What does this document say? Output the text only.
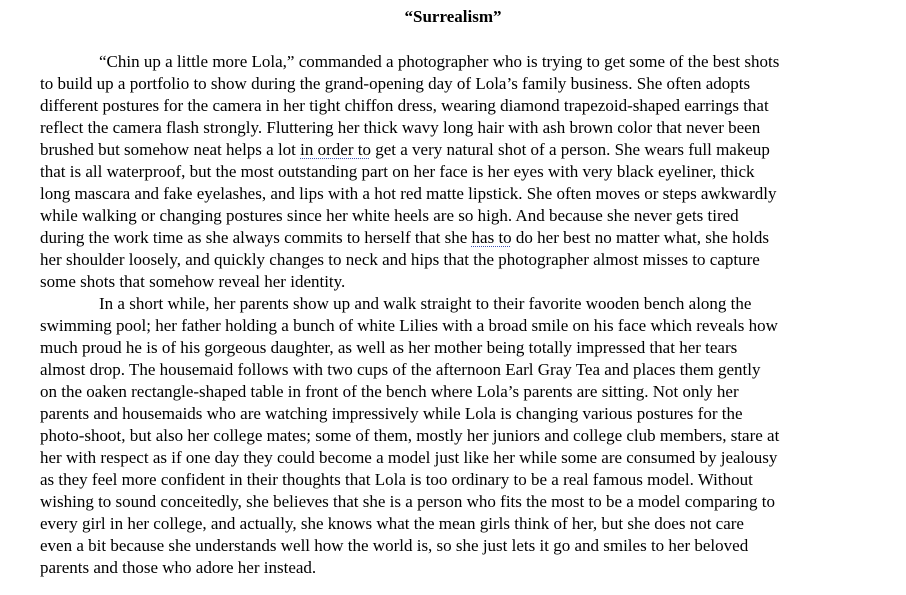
“Surrealism”

“Chin up a little more Lola,” commanded a photographer who is trying to get some of the best shots
to build up a portfolio to show during the grand-opening day of Lola’s family business. She often adopts
different postures for the camera in her tight chiffon dress, wearing diamond trapezoid-shaped earrings that
reflect the camera flash strongly. Fluttering her thick wavy long hair with ash brown color that never been
brushed but somehow neat helps a lot in order to get a very natural shot of a person. She wears full makeup
that is all waterproof, but the most outstanding part on her face is her eyes with very black eyeliner, thick
long mascara and fake eyelashes, and lips with a hot red matte lipstick. She often moves or steps awkwardly
while walking or changing postures since her white heels are so high. And because she never gets tired
during the work time as she always commits to herself that she has to do her best no matter what, she holds
her shoulder loosely, and quickly changes to neck and hips that the photographer almost misses to capture
some shots that somehow reveal her identity.

In a short while, her parents show up and walk straight to their favorite wooden bench along the
swimming pool; her father holding a bunch of white Lilies with a broad smile on his face which reveals how
much proud he is of his gorgeous daughter, as well as her mother being totally impressed that her tears
almost drop. The housemaid follows with two cups of the afternoon Earl Gray Tea and places them gently
on the oaken rectangle-shaped table in front of the bench where Lola’s parents are sitting. Not only her
parents and housemaids who are watching impressively while Lola is changing various postures for the
photo-shoot, but also her college mates; some of them, mostly her juniors and college club members, stare at
her with respect as if one day they could become a model just like her while some are consumed by jealousy
as they feel more confident in their thoughts that Lola is too ordinary to be a real famous model. Without
wishing to sound conceitedly, she believes that she is a person who fits the most to be a model comparing to
every girl in her college, and actually, she knows what the mean girls think of her, but she does not care
even a bit because she understands well how the world is, so she just lets it go and smiles to her beloved
parents and those who adore her instead.
